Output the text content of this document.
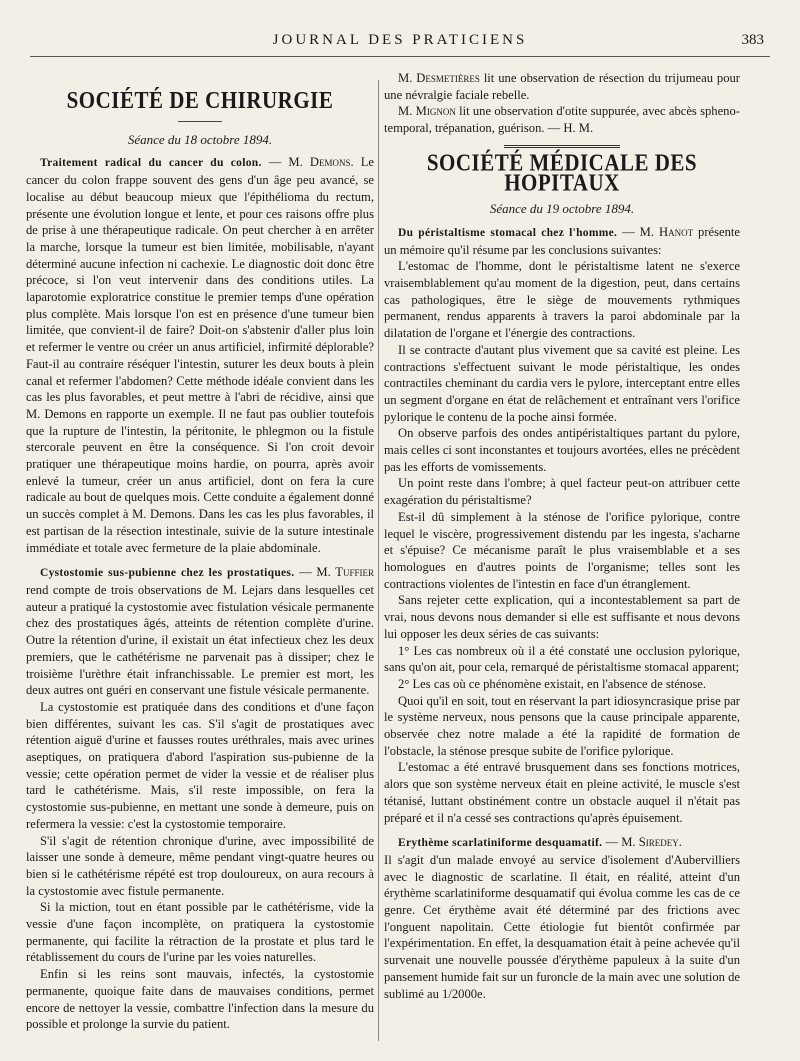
JOURNAL DES PRATICIENS	383
SOCIÉTÉ DE CHIRURGIE
Séance du 18 octobre 1894.

Traitement radical du cancer du colon. — M. Demons. Le cancer du colon frappe souvent des gens d'un âge peu avancé, se localise au début beaucoup mieux que l'épithélioma du rectum, présente une évolution longue et lente, et pour ces raisons offre plus de prise à une thérapeutique radicale. On peut chercher à en arrêter la marche, lorsque la tumeur est bien limitée, mobilisable, n'ayant déterminé aucune infection ni cachexie. Le diagnostic doit donc être précoce, si l'on veut intervenir dans des conditions utiles. La laparotomie exploratrice constitue le premier temps d'une opération plus complète. Mais lorsque l'on est en présence d'une tumeur bien limitée, que convient-il de faire? Doit-on s'abstenir d'aller plus loin et refermer le ventre ou créer un anus artificiel, infirmité déplorable? Faut-il au contraire réséquer l'intestin, suturer les deux bouts à plein canal et refermer l'abdomen? Cette méthode idéale convient dans les cas les plus favorables, et peut mettre à l'abri de récidive, ainsi que M. Demons en rapporte un exemple. Il ne faut pas oublier toutefois que la rupture de l'intestin, la péritonite, le phlegmon ou la fistule stercorale peuvent en être la conséquence. Si l'on croit devoir pratiquer une thérapeutique moins hardie, on pourra, après avoir enlevé la tumeur, créer un anus artificiel, dont on fera la cure radicale au bout de quelques mois. Cette conduite a également donné un succès complet à M. Demons. Dans les cas les plus favorables, il est partisan de la résection intestinale, suivie de la suture intestinale immédiate et totale avec fermeture de la plaie abdominale.

Cystostomie sus-pubienne chez les prostatiques. — M. Tuffier rend compte de trois observations de M. Lejars dans lesquelles cet auteur a pratiqué la cystostomie avec fistulation vésicale permanente chez des prostatiques âgés, atteints de rétention complète d'urine. Outre la rétention d'urine, il existait un état infectieux chez les deux premiers, que le cathétérisme ne parvenait pas à dissiper; chez le troisième l'urèthre était infranchissable. Le premier est mort, les deux autres ont guéri en conservant une fistule vésicale permanente.

La cystostomie est pratiquée dans des conditions et d'une façon bien différentes, suivant les cas. S'il s'agit de prostatiques avec rétention aiguë d'urine et fausses routes uréthrales, mais avec urines aseptiques, on pratiquera d'abord l'aspiration sus-pubienne de la vessie; cette opération permet de vider la vessie et de réaliser plus tard le cathétérisme. Mais, s'il reste impossible, on fera la cystostomie sus-pubienne, en mettant une sonde à demeure, puis on refermera la vessie: c'est la cystostomie temporaire.

S'il s'agit de rétention chronique d'urine, avec impossibilité de laisser une sonde à demeure, même pendant vingt-quatre heures ou bien si le cathétérisme répété est trop douloureux, on aura recours à la cystostomie avec fistule permanente.

Si la miction, tout en étant possible par le cathétérisme, vide la vessie d'une façon incomplète, on pratiquera la cystostomie permanente, qui facilite la rétraction de la prostate et plus tard le rétablissement du cours de l'urine par les voies naturelles.

Enfin si les reins sont mauvais, infectés, la cystostomie permanente, quoique faite dans de mauvaises conditions, permet encore de nettoyer la vessie, combattre l'infection dans la mesure du possible et prolonge la survie du patient.

M. Desmetières lit une observation de résection du trijumeau pour une névralgie faciale rebelle.

M. Mignon lit une observation d'otite suppurée, avec abcès spheno-temporal, trépanation, guérison. — H. M.

SOCIÉTÉ MÉDICALE DES HOPITAUX
Séance du 19 octobre 1894.

Du péristaltisme stomacal chez l'homme. — M. Hanot présente un mémoire qu'il résume par les conclusions suivantes:

L'estomac de l'homme, dont le péristaltisme latent ne s'exerce vraisemblablement qu'au moment de la digestion, peut, dans certains cas pathologiques, être le siège de mouvements rythmiques permanent, rendus apparents à travers la paroi abdominale par la dilatation de l'organe et l'énergie des contractions.

Il se contracte d'autant plus vivement que sa cavité est pleine. Les contractions s'effectuent suivant le mode péristaltique, les ondes contractiles cheminant du cardia vers le pylore, interceptant entre elles un segment d'organe en état de relâchement et entraînant vers l'orifice pylorique le contenu de la poche ainsi formée.

On observe parfois des ondes antipéristaltiques partant du pylore, mais celles ci sont inconstantes et toujours avortées, elles ne précèdent pas les efforts de vomissements.

Un point reste dans l'ombre; à quel facteur peut-on attribuer cette exagération du péristaltisme?

Est-il dû simplement à la sténose de l'orifice pylorique, contre lequel le viscère, progressivement distendu par les ingesta, s'acharne et s'épuise? Ce mécanisme paraît le plus vraisemblable et a ses homologues en d'autres points de l'organisme; telles sont les contractions violentes de l'intestin en face d'un étranglement.

Sans rejeter cette explication, qui a incontestablement sa part de vrai, nous devons nous demander si elle est suffisante et nous devons lui opposer les deux séries de cas suivants:

1° Les cas nombreux où il a été constaté une occlusion pylorique, sans qu'on ait, pour cela, remarqué de péristaltisme stomacal apparent;

2° Les cas où ce phénomène existait, en l'absence de sténose.

Quoi qu'il en soit, tout en réservant la part idiosyncrasique prise par le système nerveux, nous pensons que la cause principale apparente, observée chez notre malade a été la rapidité de formation de l'obstacle, la sténose presque subite de l'orifice pylorique.

L'estomac a été entravé brusquement dans ses fonctions motrices, alors que son système nerveux était en pleine activité, le muscle s'est tétanisé, luttant obstinément contre un obstacle auquel il n'était pas préparé et il n'a cessé ses contractions qu'après épuisement.

Erythème scarlatiniforme desquamatif. — M. Siredey.

Il s'agit d'un malade envoyé au service d'isolement d'Aubervilliers avec le diagnostic de scarlatine. Il était, en réalité, atteint d'un érythème scarlatiniforme desquamatif qui évolua comme les cas de ce genre. Cet érythème avait été déterminé par des frictions avec l'onguent napolitain. Cette étiologie fut bientôt confirmée par l'expérimentation. En effet, la desquamation était à peine achevée qu'il survenait une nouvelle poussée d'érythème papuleux à la suite d'un pansement humide fait sur un furoncle de la main avec une solution de sublimé au 1/2000e.
